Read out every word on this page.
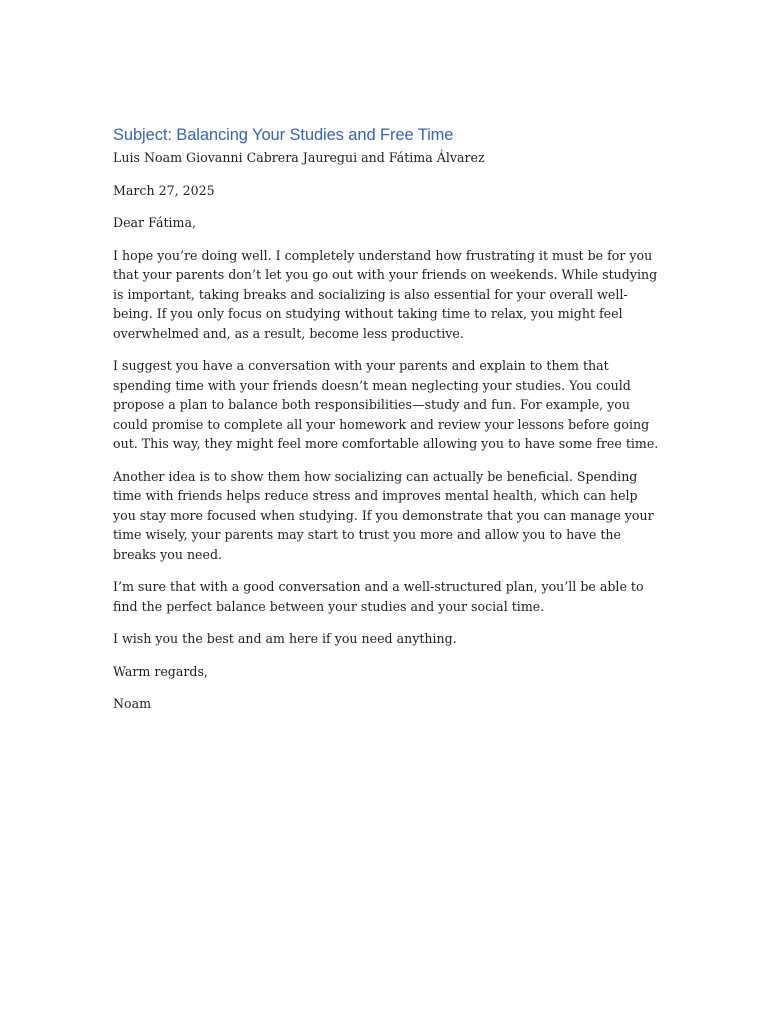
Subject: Balancing Your Studies and Free Time
Luis Noam Giovanni Cabrera Jauregui and Fátima Álvarez
March 27, 2025
Dear Fátima,
I hope you’re doing well. I completely understand how frustrating it must be for you that your parents don’t let you go out with your friends on weekends. While studying is important, taking breaks and socializing is also essential for your overall well-being. If you only focus on studying without taking time to relax, you might feel overwhelmed and, as a result, become less productive.
I suggest you have a conversation with your parents and explain to them that spending time with your friends doesn’t mean neglecting your studies. You could propose a plan to balance both responsibilities—study and fun. For example, you could promise to complete all your homework and review your lessons before going out. This way, they might feel more comfortable allowing you to have some free time.
Another idea is to show them how socializing can actually be beneficial. Spending time with friends helps reduce stress and improves mental health, which can help you stay more focused when studying. If you demonstrate that you can manage your time wisely, your parents may start to trust you more and allow you to have the breaks you need.
I’m sure that with a good conversation and a well-structured plan, you’ll be able to find the perfect balance between your studies and your social time.
I wish you the best and am here if you need anything.
Warm regards,
Noam
